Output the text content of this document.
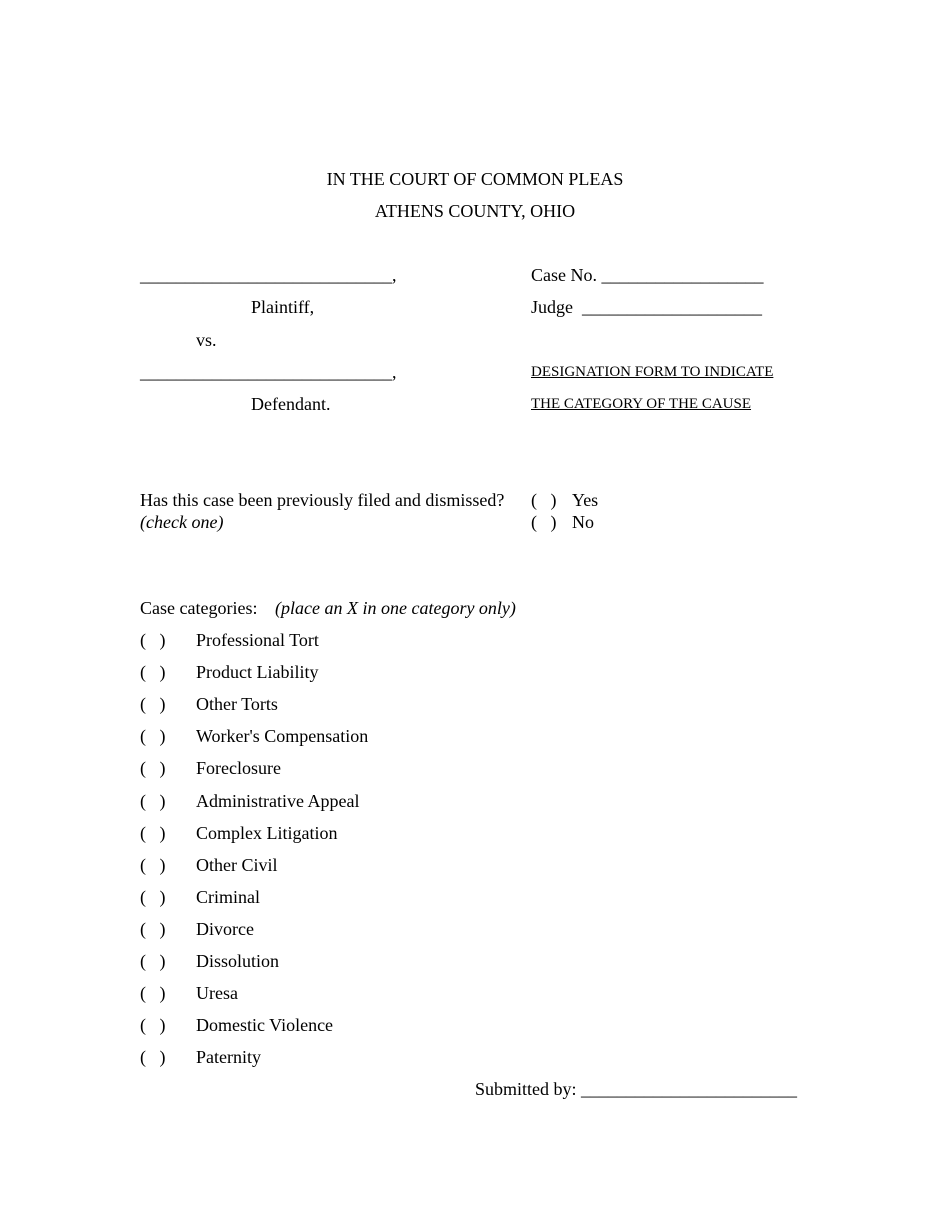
IN THE COURT OF COMMON PLEAS
ATHENS COUNTY, OHIO
____________________________,
Plaintiff,
vs.
____________________________,
Defendant.
Case No. __________________
Judge  ____________________
DESIGNATION FORM TO INDICATE
THE CATEGORY OF THE CAUSE
Has this case been previously filed and dismissed?
(check one)
(   ) Yes
(   ) No
Case categories: (place an X in one category only)
(   ) Professional Tort
(   ) Product Liability
(   ) Other Torts
(   ) Worker's Compensation
(   ) Foreclosure
(   ) Administrative Appeal
(   ) Complex Litigation
(   ) Other Civil
(   ) Criminal
(   ) Divorce
(   ) Dissolution
(   ) Uresa
(   ) Domestic Violence
(   ) Paternity
Submitted by: ________________________
